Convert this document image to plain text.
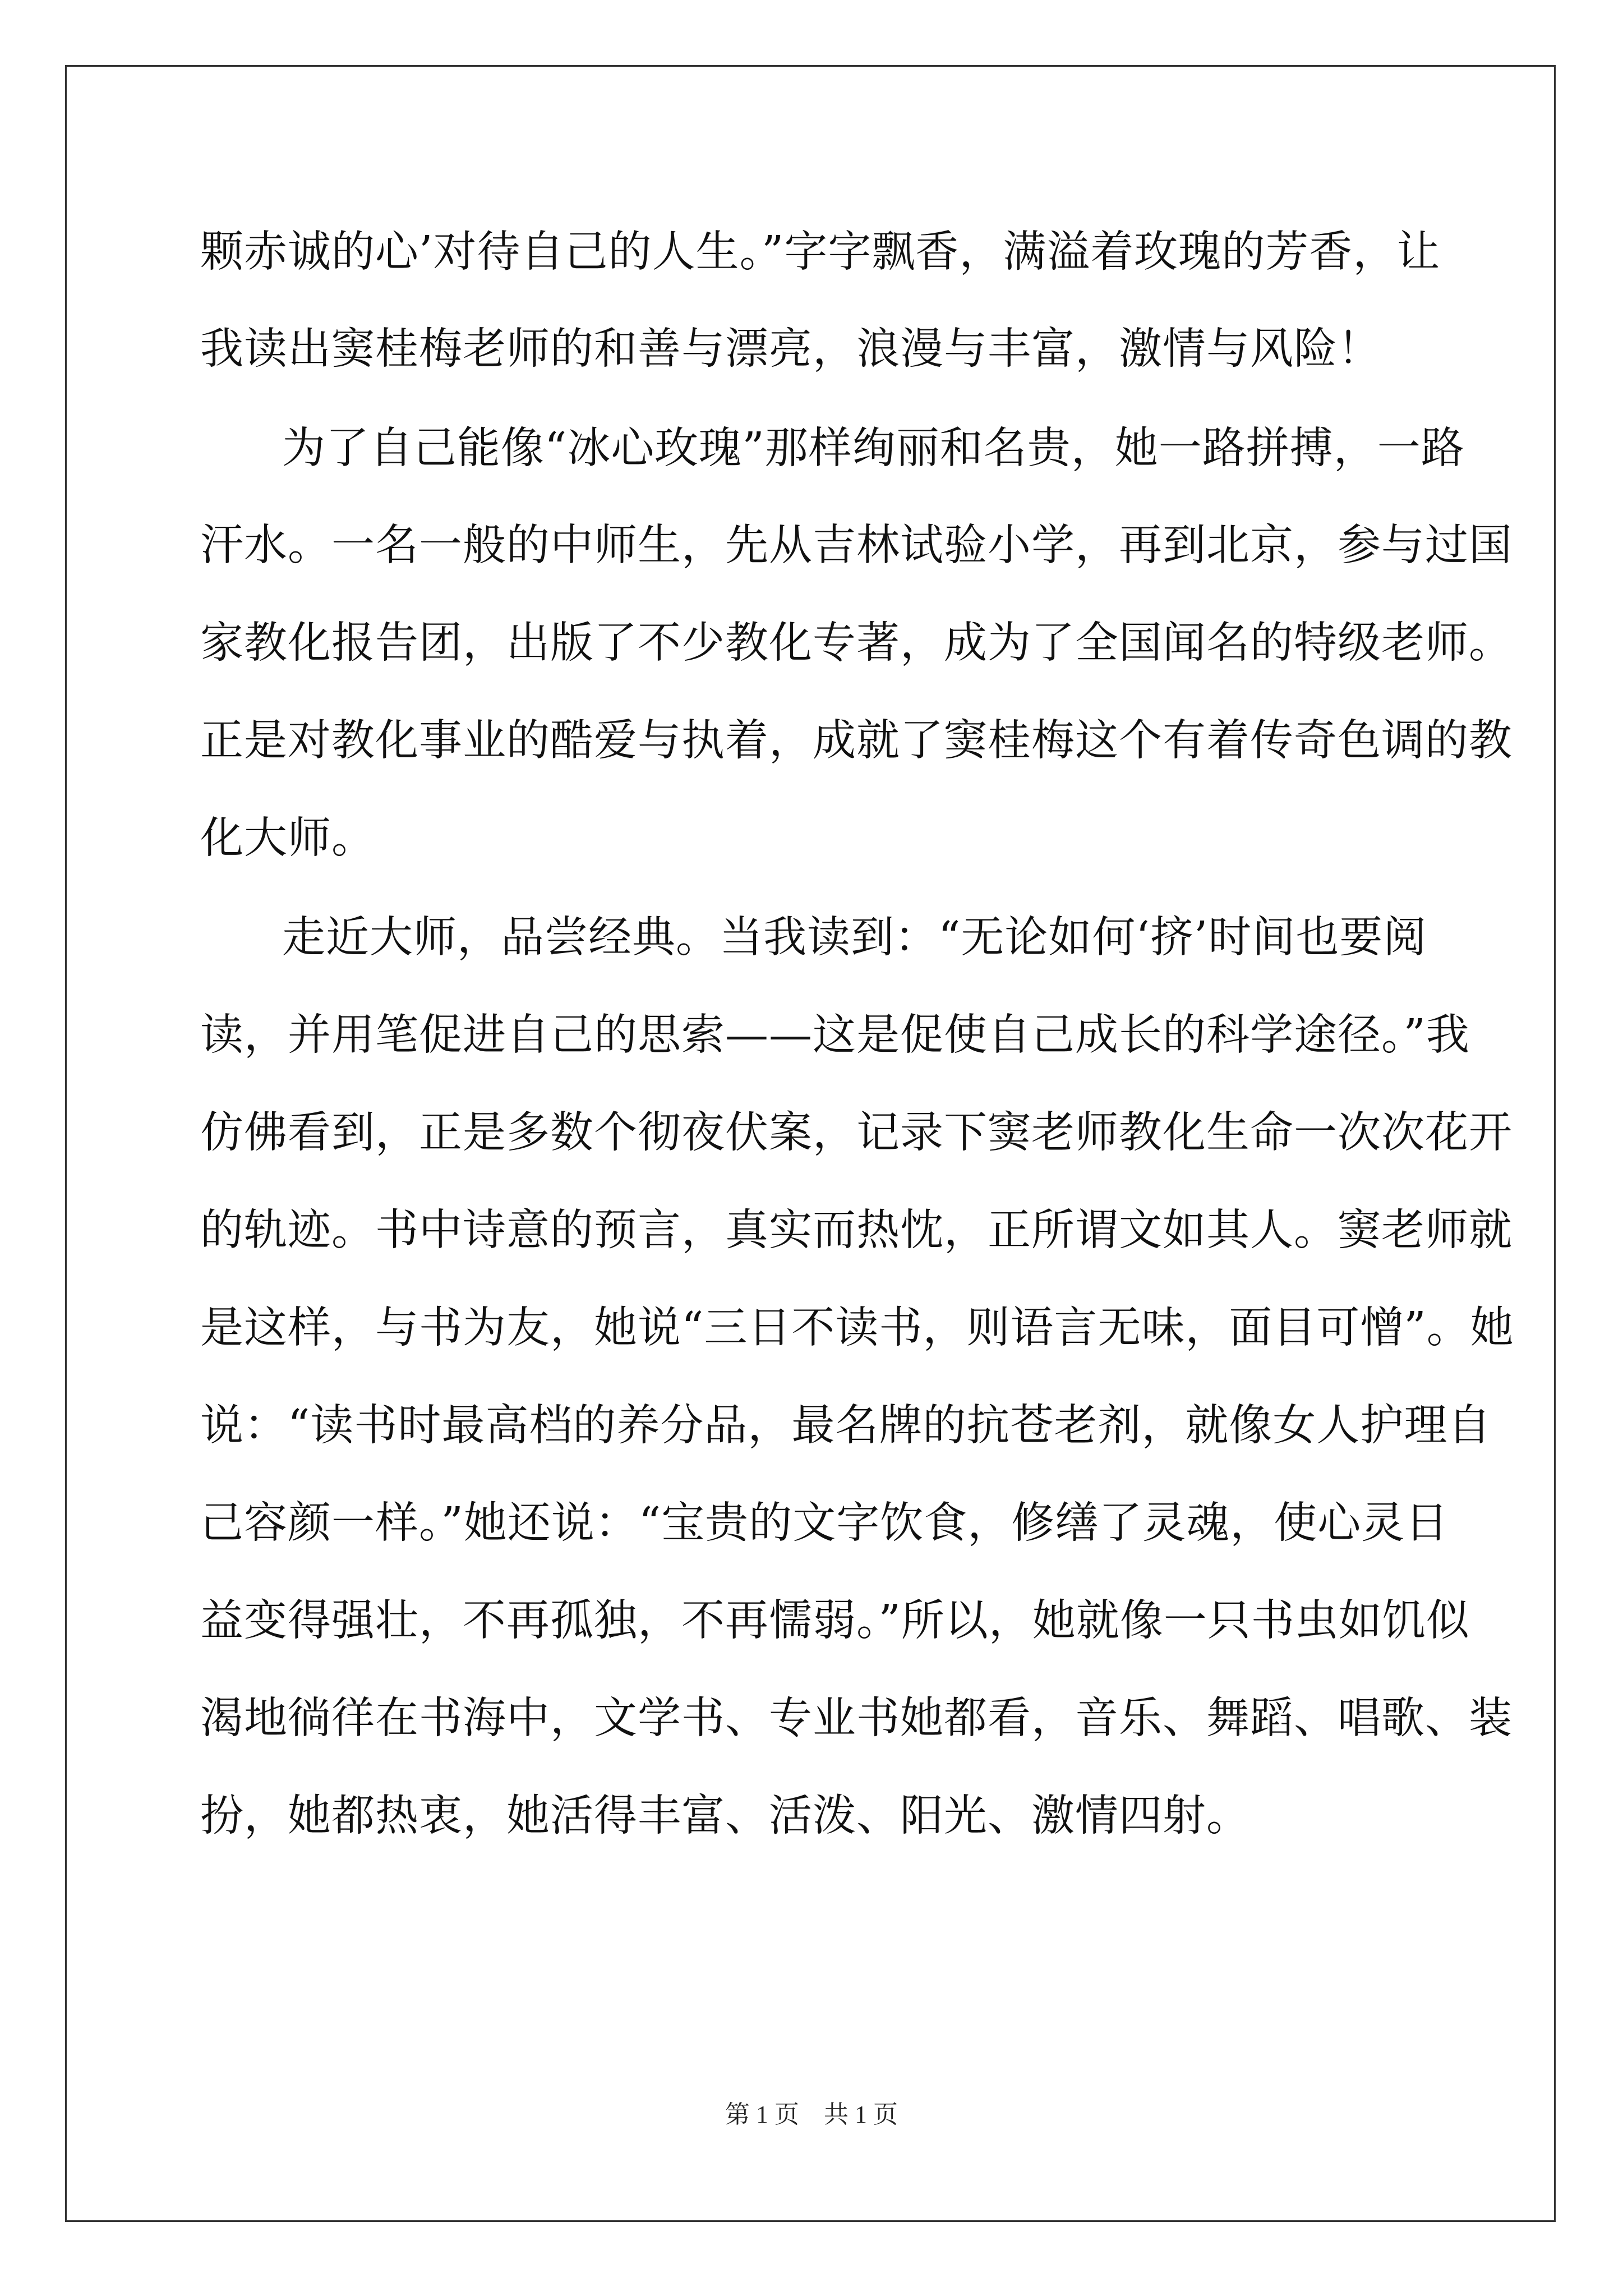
颗赤诚的心’对待自己的人生。”字字飘香，满溢着玫瑰的芳香，让
我读出窦桂梅老师的和善与漂亮，浪漫与丰富，激情与风险！
为了自己能像“冰心玫瑰”那样绚丽和名贵，她一路拼搏，一路
汗水。一名一般的中师生，先从吉林试验小学，再到北京，参与过国
家教化报告团，出版了不少教化专著，成为了全国闻名的特级老师。
正是对教化事业的酷爱与执着，成就了窦桂梅这个有着传奇色调的教
化大师。
走近大师，品尝经典。当我读到：“无论如何‘挤’时间也要阅
读，并用笔促进自己的思索——这是促使自己成长的科学途径。”我
仿佛看到，正是多数个彻夜伏案，记录下窦老师教化生命一次次花开
的轨迹。书中诗意的预言，真实而热忱，正所谓文如其人。窦老师就
是这样，与书为友，她说“三日不读书，则语言无味，面目可憎”。她
说：“读书时最高档的养分品，最名牌的抗苍老剂，就像女人护理自
己容颜一样。”她还说：“宝贵的文字饮食，修缮了灵魂，使心灵日
益变得强壮，不再孤独，不再懦弱。”所以，她就像一只书虫如饥似
渴地徜徉在书海中，文学书、专业书她都看，音乐、舞蹈、唱歌、装
扮，她都热衷，她活得丰富、活泼、阳光、激情四射。
第 1 页　共 1 页
